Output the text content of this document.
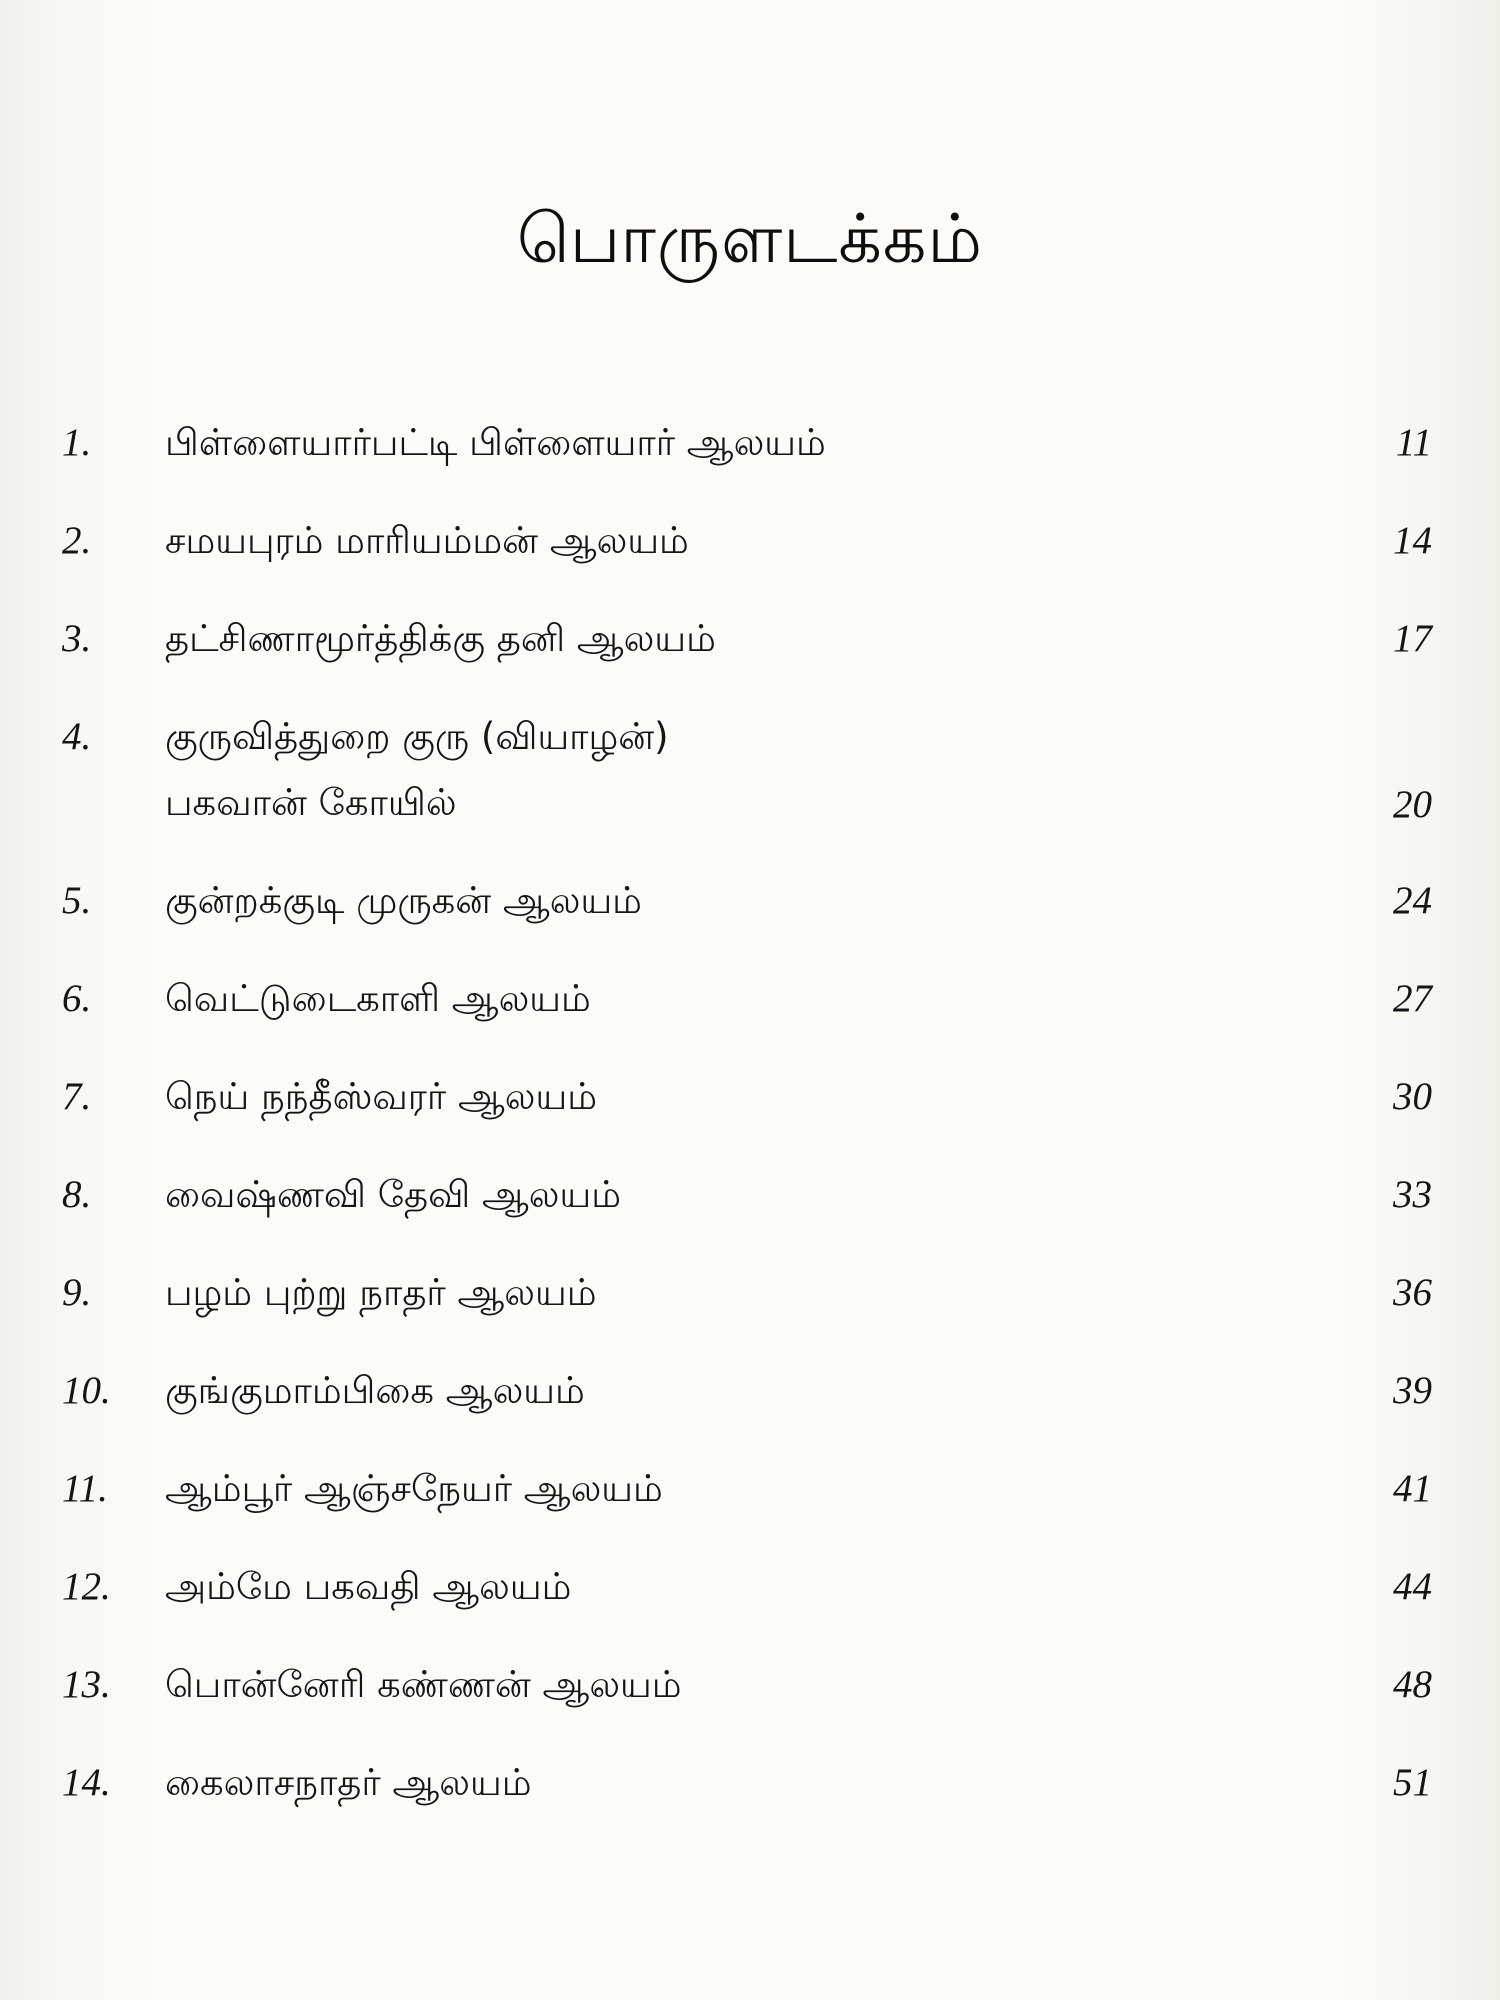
பொருளடக்கம்
1. பிள்ளையார்பட்டி பிள்ளையார் ஆலயம்	11
2. சமயபுரம் மாரியம்மன் ஆலயம்	14
3. தட்சிணாமூர்த்திக்கு தனி ஆலயம்	17
4. குருவித்துறை குரு (வியாழன்)
பகவான் கோயில்	20
5. குன்றக்குடி முருகன் ஆலயம்	24
6. வெட்டுடைகாளி ஆலயம்	27
7. நெய் நந்தீஸ்வரர் ஆலயம்	30
8. வைஷ்ணவி தேவி ஆலயம்	33
9. பழம் புற்று நாதர் ஆலயம்	36
10. குங்குமாம்பிகை ஆலயம்	39
11. ஆம்பூர் ஆஞ்சநேயர் ஆலயம்	41
12. அம்மே பகவதி ஆலயம்	44
13. பொன்னேரி கண்ணன் ஆலயம்	48
14. கைலாசநாதர் ஆலயம்	51
